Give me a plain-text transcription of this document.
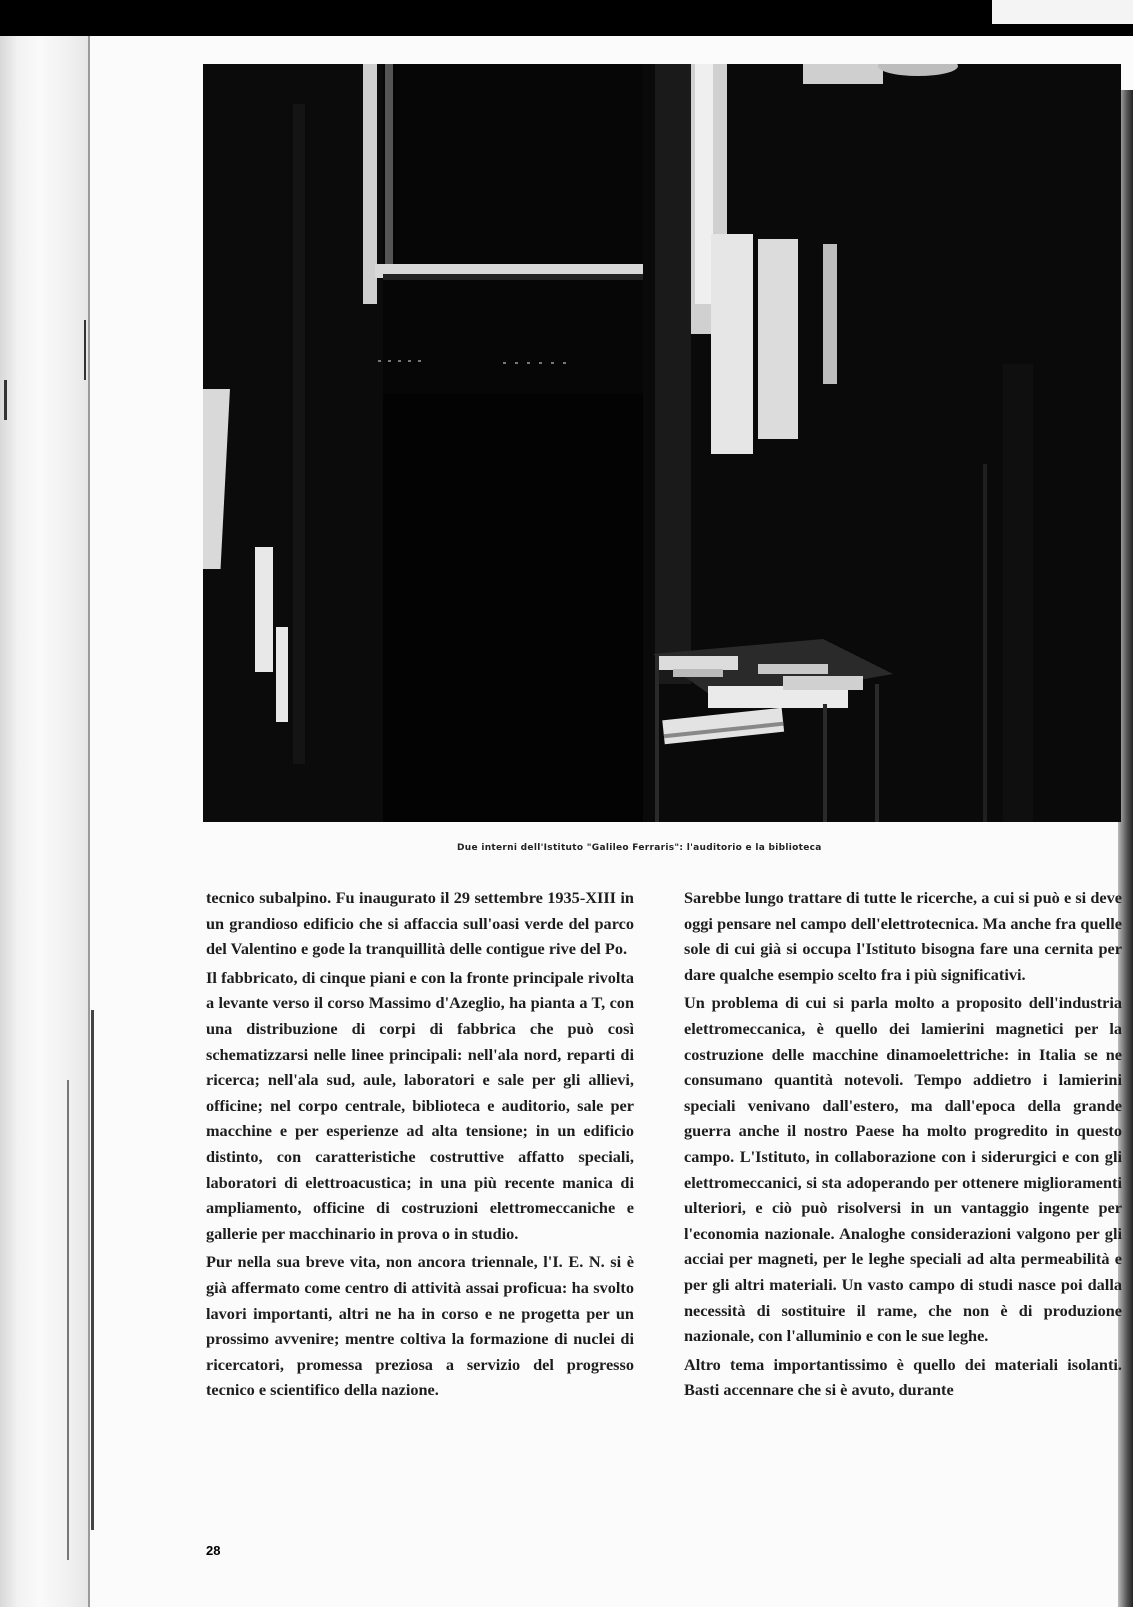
Due interni dell'Istituto "Galileo Ferraris": l'auditorio e la biblioteca

tecnico subalpino. Fu inaugurato il 29 settembre 1935-XIII in un grandioso edificio che si affaccia sull'oasi verde del parco del Valentino e gode la tranquillità delle contigue rive del Po.

Il fabbricato, di cinque piani e con la fronte principale rivolta a levante verso il corso Massimo d'Azeglio, ha pianta a T, con una distribuzione di corpi di fabbrica che può così schematizzarsi nelle linee principali: nell'ala nord, reparti di ricerca; nell'ala sud, aule, laboratori e sale per gli allievi, officine; nel corpo centrale, biblioteca e auditorio, sale per macchine e per esperienze ad alta tensione; in un edificio distinto, con caratteristiche costruttive affatto speciali, laboratori di elettroacustica; in una più recente manica di ampliamento, officine di costruzioni elettromeccaniche e gallerie per macchinario in prova o in studio.

Pur nella sua breve vita, non ancora triennale, l'I. E. N. si è già affermato come centro di attività assai proficua: ha svolto lavori importanti, altri ne ha in corso e ne progetta per un prossimo avvenire; mentre coltiva la formazione di nuclei di ricercatori, promessa preziosa a servizio del progresso tecnico e scientifico della nazione.

Sarebbe lungo trattare di tutte le ricerche, a cui si può e si deve oggi pensare nel campo dell'elettrotecnica. Ma anche fra quelle sole di cui già si occupa l'Istituto bisogna fare una cernita per dare qualche esempio scelto fra i più significativi.

Un problema di cui si parla molto a proposito dell'industria elettromeccanica, è quello dei lamierini magnetici per la costruzione delle macchine dinamoelettriche: in Italia se ne consumano quantità notevoli. Tempo addietro i lamierini speciali venivano dall'estero, ma dall'epoca della grande guerra anche il nostro Paese ha molto progredito in questo campo. L'Istituto, in collaborazione con i siderurgici e con gli elettromeccanici, si sta adoperando per ottenere miglioramenti ulteriori, e ciò può risolversi in un vantaggio ingente per l'economia nazionale. Analoghe considerazioni valgono per gli acciai per magneti, per le leghe speciali ad alta permeabilità e per gli altri materiali. Un vasto campo di studi nasce poi dalla necessità di sostituire il rame, che non è di produzione nazionale, con l'alluminio e con le sue leghe.

Altro tema importantissimo è quello dei materiali isolanti. Basti accennare che si è avuto, durante

28
